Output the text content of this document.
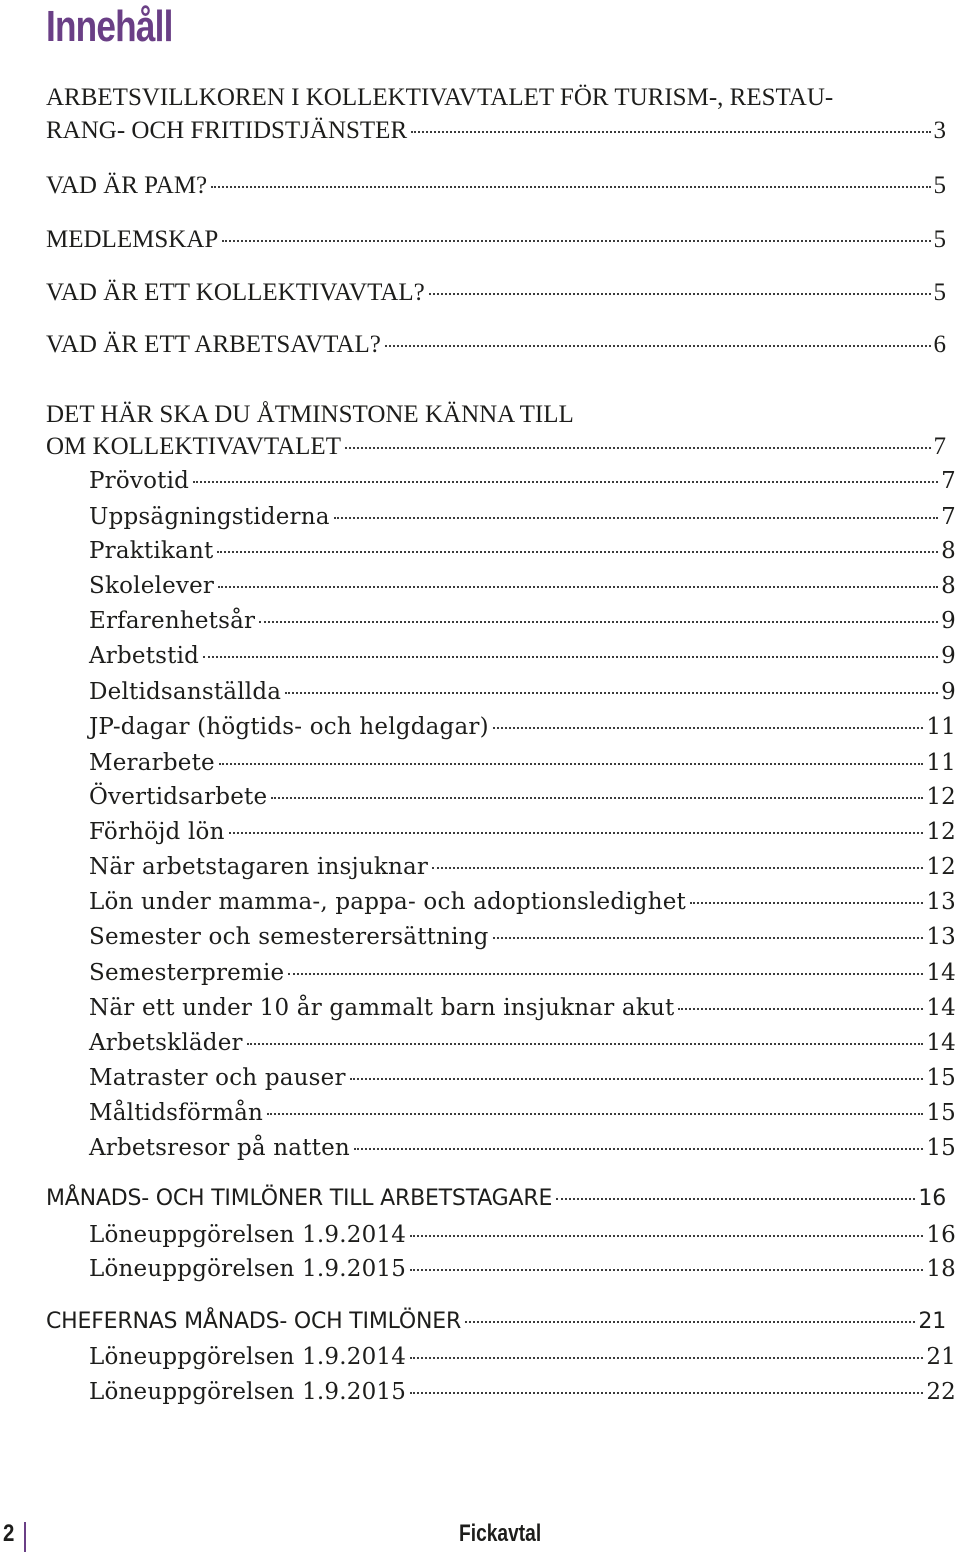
Innehåll
ARBETSVILLKOREN I KOLLEKTIVAVTALET FÖR TURISM-, RESTAU-
RANG- OCH FRITIDSTJÄNSTER	3
VAD ÄR PAM?	5
MEDLEMSKAP	5
VAD ÄR ETT KOLLEKTIVAVTAL?	5
VAD ÄR ETT ARBETSAVTAL?	6
DET HÄR SKA DU ÅTMINSTONE KÄNNA TILL
OM KOLLEKTIVAVTALET	7
Prövotid	7
Uppsägningstiderna	7
Praktikant	8
Skolelever	8
Erfarenhetsår	9
Arbetstid	9
Deltidsanställda	9
JP-dagar (högtids- och helgdagar)	11
Merarbete	11
Övertidsarbete	12
Förhöjd lön	12
När arbetstagaren insjuknar	12
Lön under mamma-, pappa- och adoptionsledighet	13
Semester och semesterersättning	13
Semesterpremie	14
När ett under 10 år gammalt barn insjuknar akut	14
Arbetskläder	14
Matraster och pauser	15
Måltidsförmån	15
Arbetsresor på natten	15
MÅNADS- OCH TIMLÖNER TILL ARBETSTAGARE	16
Löneuppgörelsen 1.9.2014	16
Löneuppgörelsen 1.9.2015	18
CHEFERNAS MÅNADS- OCH TIMLÖNER	21
Löneuppgörelsen 1.9.2014	21
Löneuppgörelsen 1.9.2015	22
2	Fickavtal
